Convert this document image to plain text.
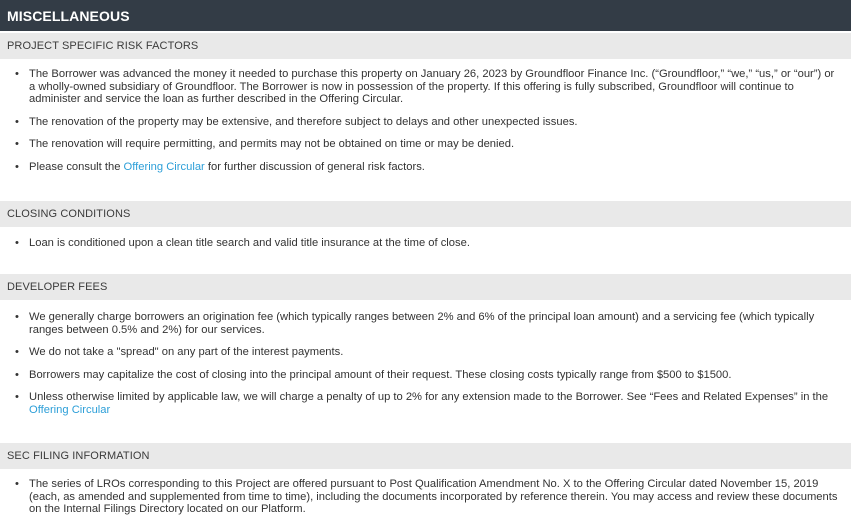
MISCELLANEOUS
PROJECT SPECIFIC RISK FACTORS
• The Borrower was advanced the money it needed to purchase this property on January 26, 2023 by Groundfloor Finance Inc. (“Groundfloor,” “we,” “us,” or “our”) or a wholly-owned subsidiary of Groundfloor. The Borrower is now in possession of the property. If this offering is fully subscribed, Groundfloor will continue to administer and service the loan as further described in the Offering Circular.
• The renovation of the property may be extensive, and therefore subject to delays and other unexpected issues.
• The renovation will require permitting, and permits may not be obtained on time or may be denied.
• Please consult the Offering Circular for further discussion of general risk factors.
CLOSING CONDITIONS
• Loan is conditioned upon a clean title search and valid title insurance at the time of close.
DEVELOPER FEES
• We generally charge borrowers an origination fee (which typically ranges between 2% and 6% of the principal loan amount) and a servicing fee (which typically ranges between 0.5% and 2%) for our services.
• We do not take a "spread" on any part of the interest payments.
• Borrowers may capitalize the cost of closing into the principal amount of their request. These closing costs typically range from $500 to $1500.
• Unless otherwise limited by applicable law, we will charge a penalty of up to 2% for any extension made to the Borrower. See “Fees and Related Expenses” in the Offering Circular
SEC FILING INFORMATION
• The series of LROs corresponding to this Project are offered pursuant to Post Qualification Amendment No. X to the Offering Circular dated November 15, 2019 (each, as amended and supplemented from time to time), including the documents incorporated by reference therein. You may access and review these documents on the Internal Filings Directory located on our Platform.
